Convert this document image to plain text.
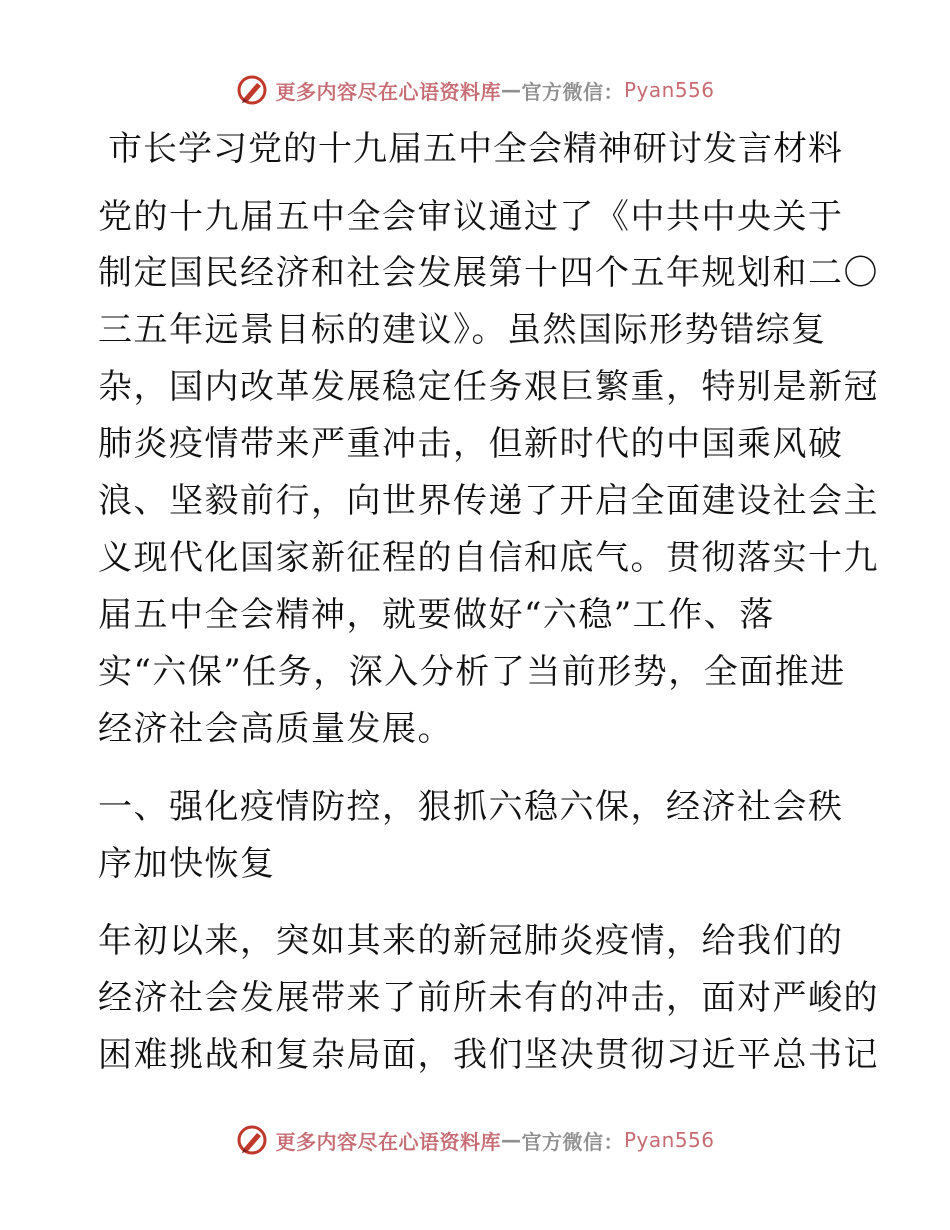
更多内容尽在心语资料库 — 官方微信： Pyan556
市长学习党的十九届五中全会精神研讨发言材料
党的十九届五中全会审议通过了《中共中央关于
制定国民经济和社会发展第十四个五年规划和二〇
三五年远景目标的建议》。虽然国际形势错综复
杂，国内改革发展稳定任务艰巨繁重，特别是新冠
肺炎疫情带来严重冲击，但新时代的中国乘风破
浪、坚毅前行，向世界传递了开启全面建设社会主
义现代化国家新征程的自信和底气。贯彻落实十九
届五中全会精神，就要做好“六稳”工作、落
实“六保”任务，深入分析了当前形势，全面推进
经济社会高质量发展。
一、强化疫情防控，狠抓六稳六保，经济社会秩
序加快恢复
年初以来，突如其来的新冠肺炎疫情，给我们的
经济社会发展带来了前所未有的冲击，面对严峻的
困难挑战和复杂局面，我们坚决贯彻习近平总书记
更多内容尽在心语资料库 — 官方微信： Pyan556
